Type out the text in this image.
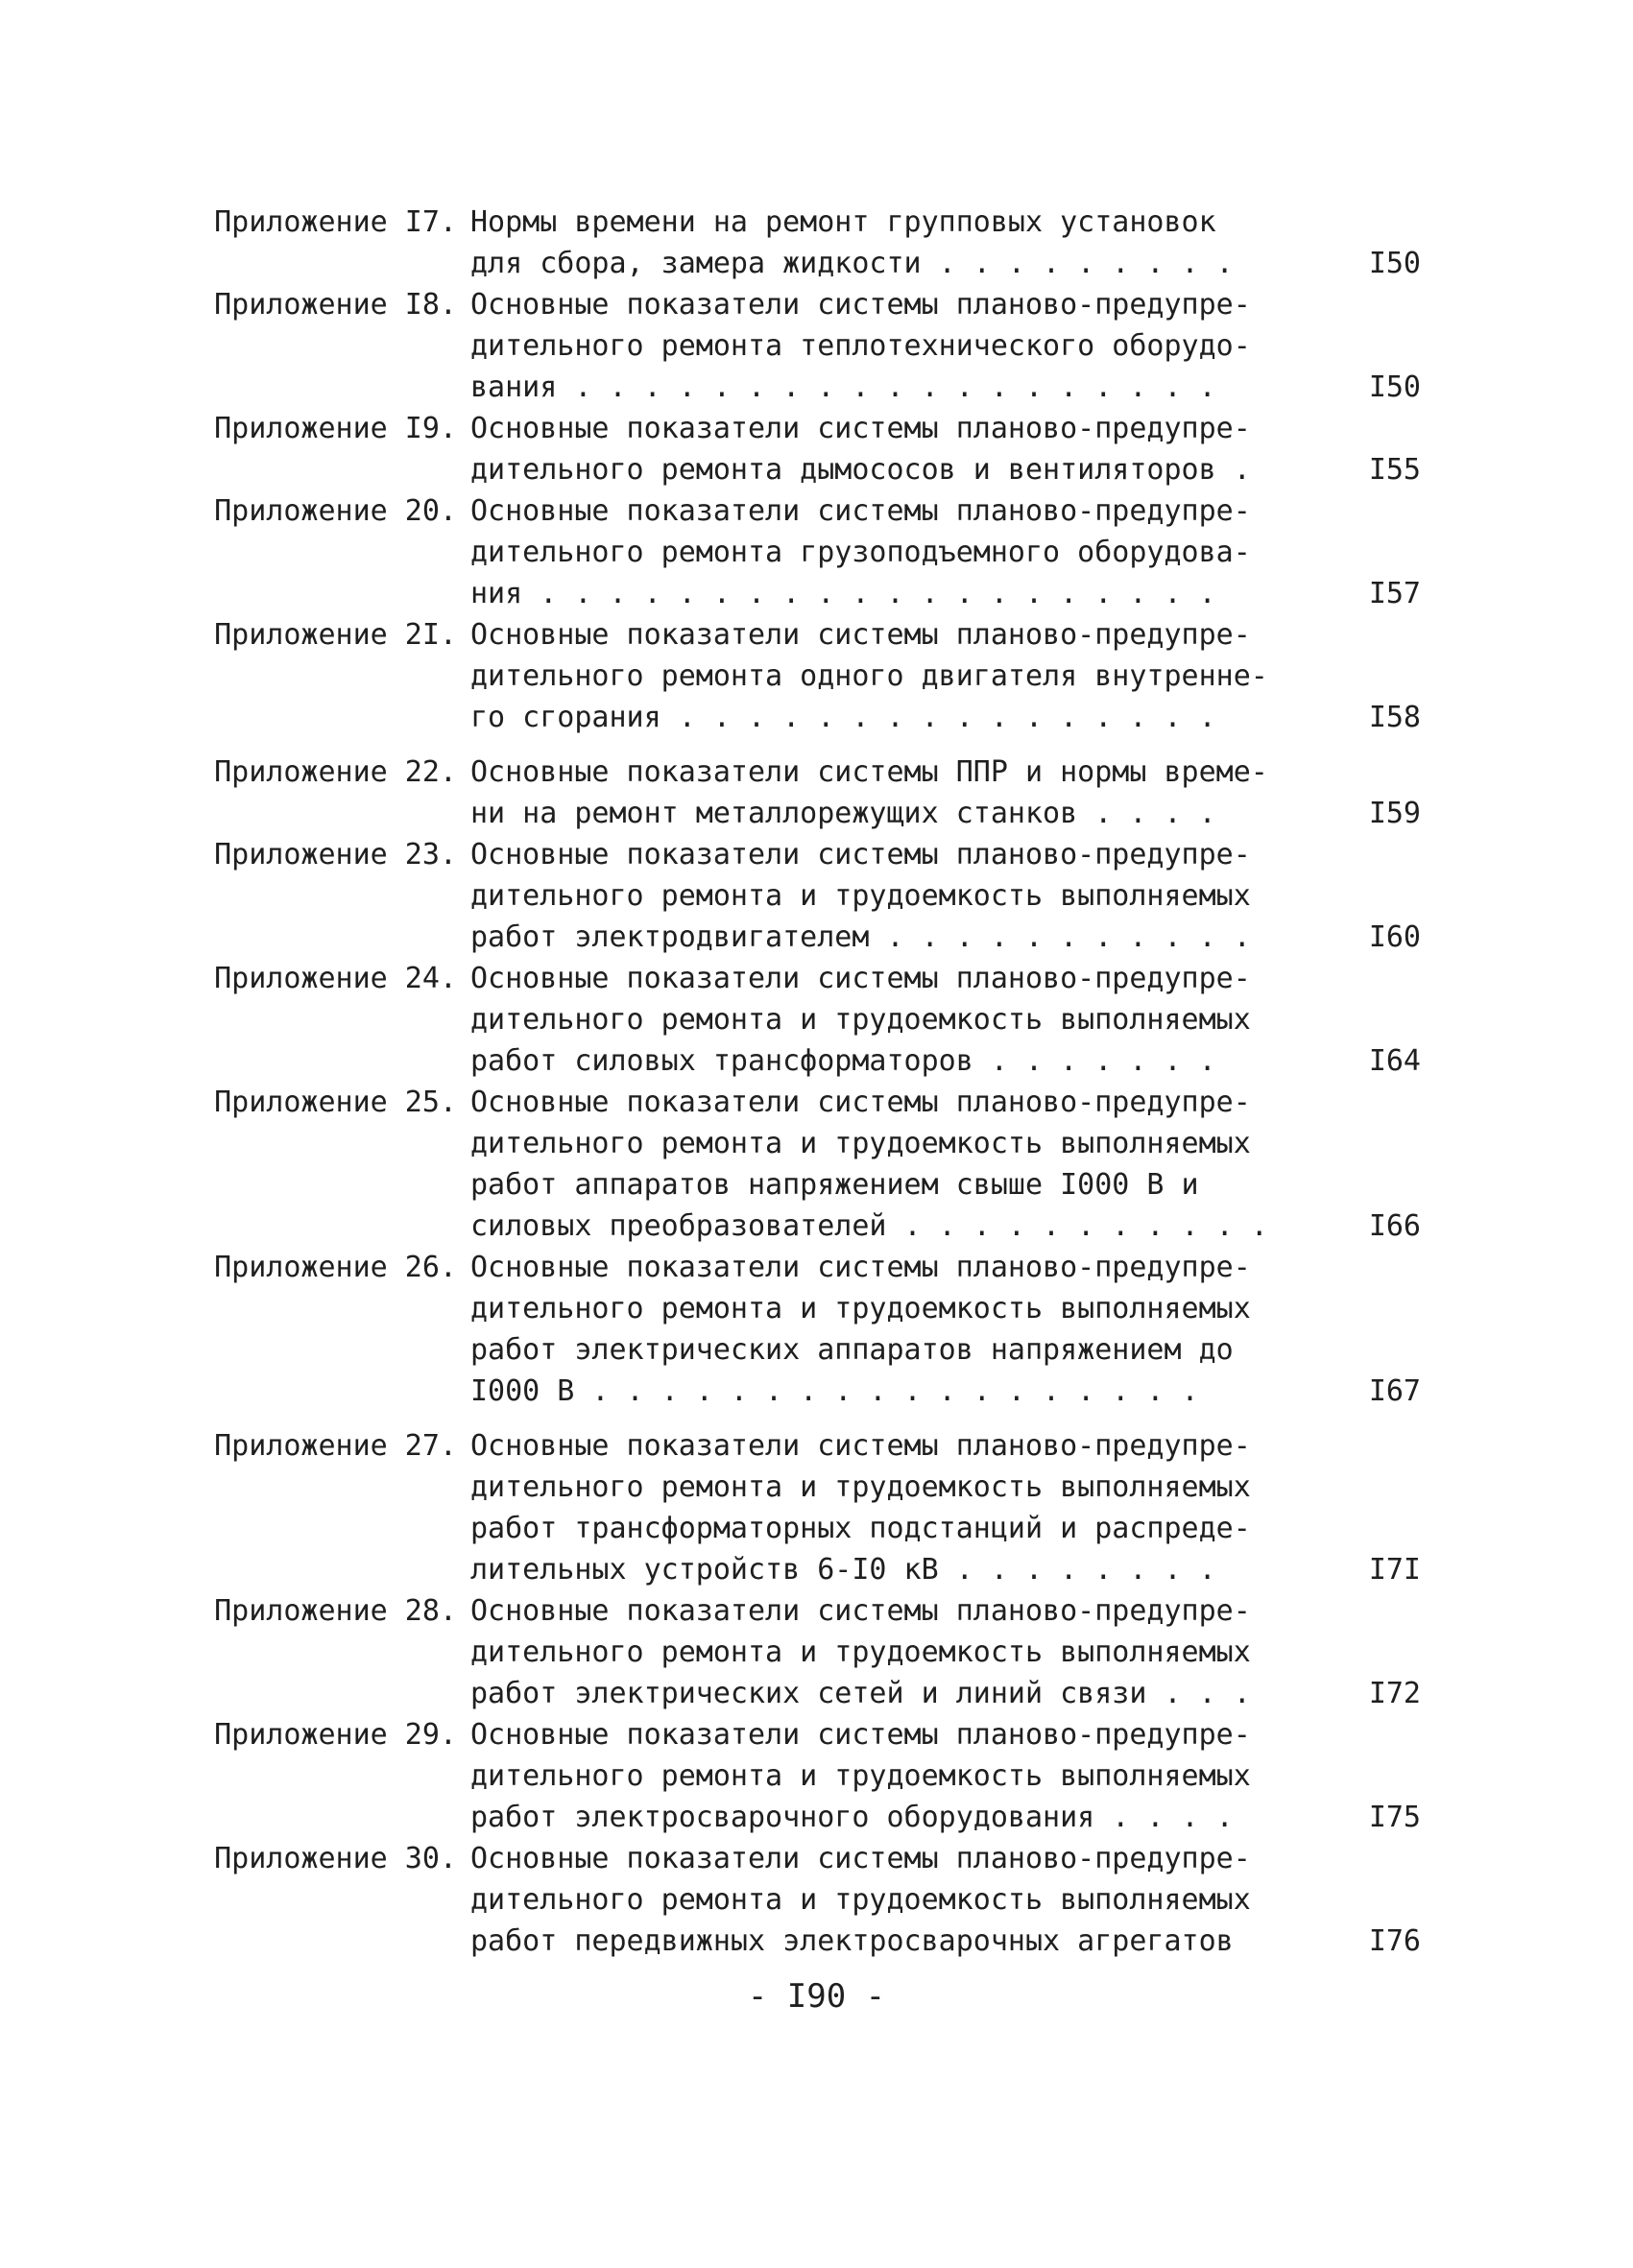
Приложение I7. Нормы времени на ремонт групповых установок
для сбора, замера жидкости . . . . . . . . .	I50
Приложение I8. Основные показатели системы планово-предупре-
дительного ремонта теплотехнического оборудо-
вания . . . . . . . . . . . . . . . . . . .	I50
Приложение I9. Основные показатели системы планово-предупре-
дительного ремонта дымососов и вентиляторов .	I55
Приложение 20. Основные показатели системы планово-предупре-
дительного ремонта грузоподъемного оборудова-
ния . . . . . . . . . . . . . . . . . . . .	I57
Приложение 2I. Основные показатели системы планово-предупре-
дительного ремонта одного двигателя внутренне-
го сгорания . . . . . . . . . . . . . . . .	I58
Приложение 22. Основные показатели системы ППР и нормы време-
ни на ремонт металлорежущих станков . . . .	I59
Приложение 23. Основные показатели системы планово-предупре-
дительного ремонта и трудоемкость выполняемых
работ электродвигателем . . . . . . . . . . .	I60
Приложение 24. Основные показатели системы планово-предупре-
дительного ремонта и трудоемкость выполняемых
работ силовых трансформаторов . . . . . . .	I64
Приложение 25. Основные показатели системы планово-предупре-
дительного ремонта и трудоемкость выполняемых
работ аппаратов напряжением свыше I000 В и
силовых преобразователей . . . . . . . . . . .	I66
Приложение 26. Основные показатели системы планово-предупре-
дительного ремонта и трудоемкость выполняемых
работ электрических аппаратов напряжением до
I000 В . . . . . . . . . . . . . . . . . .	I67
Приложение 27. Основные показатели системы планово-предупре-
дительного ремонта и трудоемкость выполняемых
работ трансформаторных подстанций и распреде-
лительных устройств 6-I0 кВ . . . . . . . .	I7I
Приложение 28. Основные показатели системы планово-предупре-
дительного ремонта и трудоемкость выполняемых
работ электрических сетей и линий связи . . .	I72
Приложение 29. Основные показатели системы планово-предупре-
дительного ремонта и трудоемкость выполняемых
работ электросварочного оборудования . . . .	I75
Приложение 30. Основные показатели системы планово-предупре-
дительного ремонта и трудоемкость выполняемых
работ передвижных электросварочных агрегатов	I76
- I90 -
